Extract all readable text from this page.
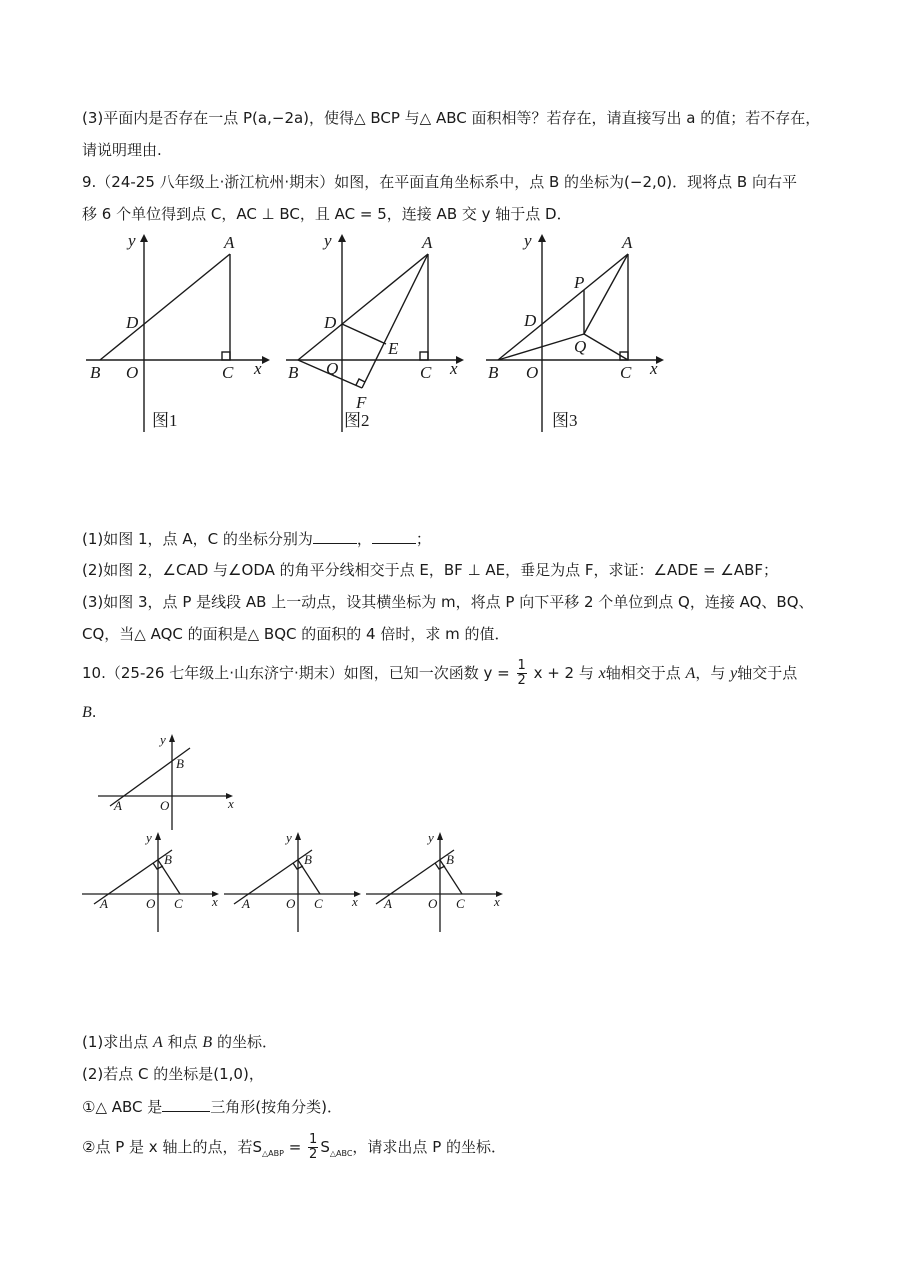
(3)平面内是否存在一点 P(a,−2a)，使得△ BCP 与△ ABC 面积相等？若存在，请直接写出 a 的值；若不存在，
请说明理由.
9.（24-25 八年级上·浙江杭州·期末）如图，在平面直角坐标系中，点 B 的坐标为(−2,0)．现将点 B 向右平
移 6 个单位得到点 C，AC ⊥ BC，且 AC = 5，连接 AB 交 y 轴于点 D．
y	A
D
B O	C x
图1
y	A
D
E
B Q	C x
F
图2
y	A
P
D
Q
B O	C x
图3
(1)如图 1，点 A，C 的坐标分别为	，	；
(2)如图 2，∠CAD 与∠ODA 的角平分线相交于点 E，BF ⊥ AE，垂足为点 F，求证：∠ADE = ∠ABF；
(3)如图 3，点 P 是线段 AB 上一动点，设其横坐标为 m，将点 P 向下平移 2 个单位到点 Q，连接 AQ、BQ、
CQ，当△ AQC 的面积是△ BQC 的面积的 4 倍时，求 m 的值．
10.（25-26 七年级上·山东济宁·期末）如图，已知一次函数 $y = \frac{1}{2}$ x + 2 与 x轴相交于点 A，与 y轴交于点
B.
y
B
A	O	x
y
B
A	O C x
y
B
A	O C x
y
B
A	O C x
(1)求出点 A 和点 B 的坐标．
(2)若点 C 的坐标是(1,0)，
①△ ABC 是	三角形(按角分类)．
②点 P 是 x 轴上的点，若$S_{\triangle ABP} = \frac{1}{2} S_{\triangle ABC}$，请求出点 P 的坐标．
